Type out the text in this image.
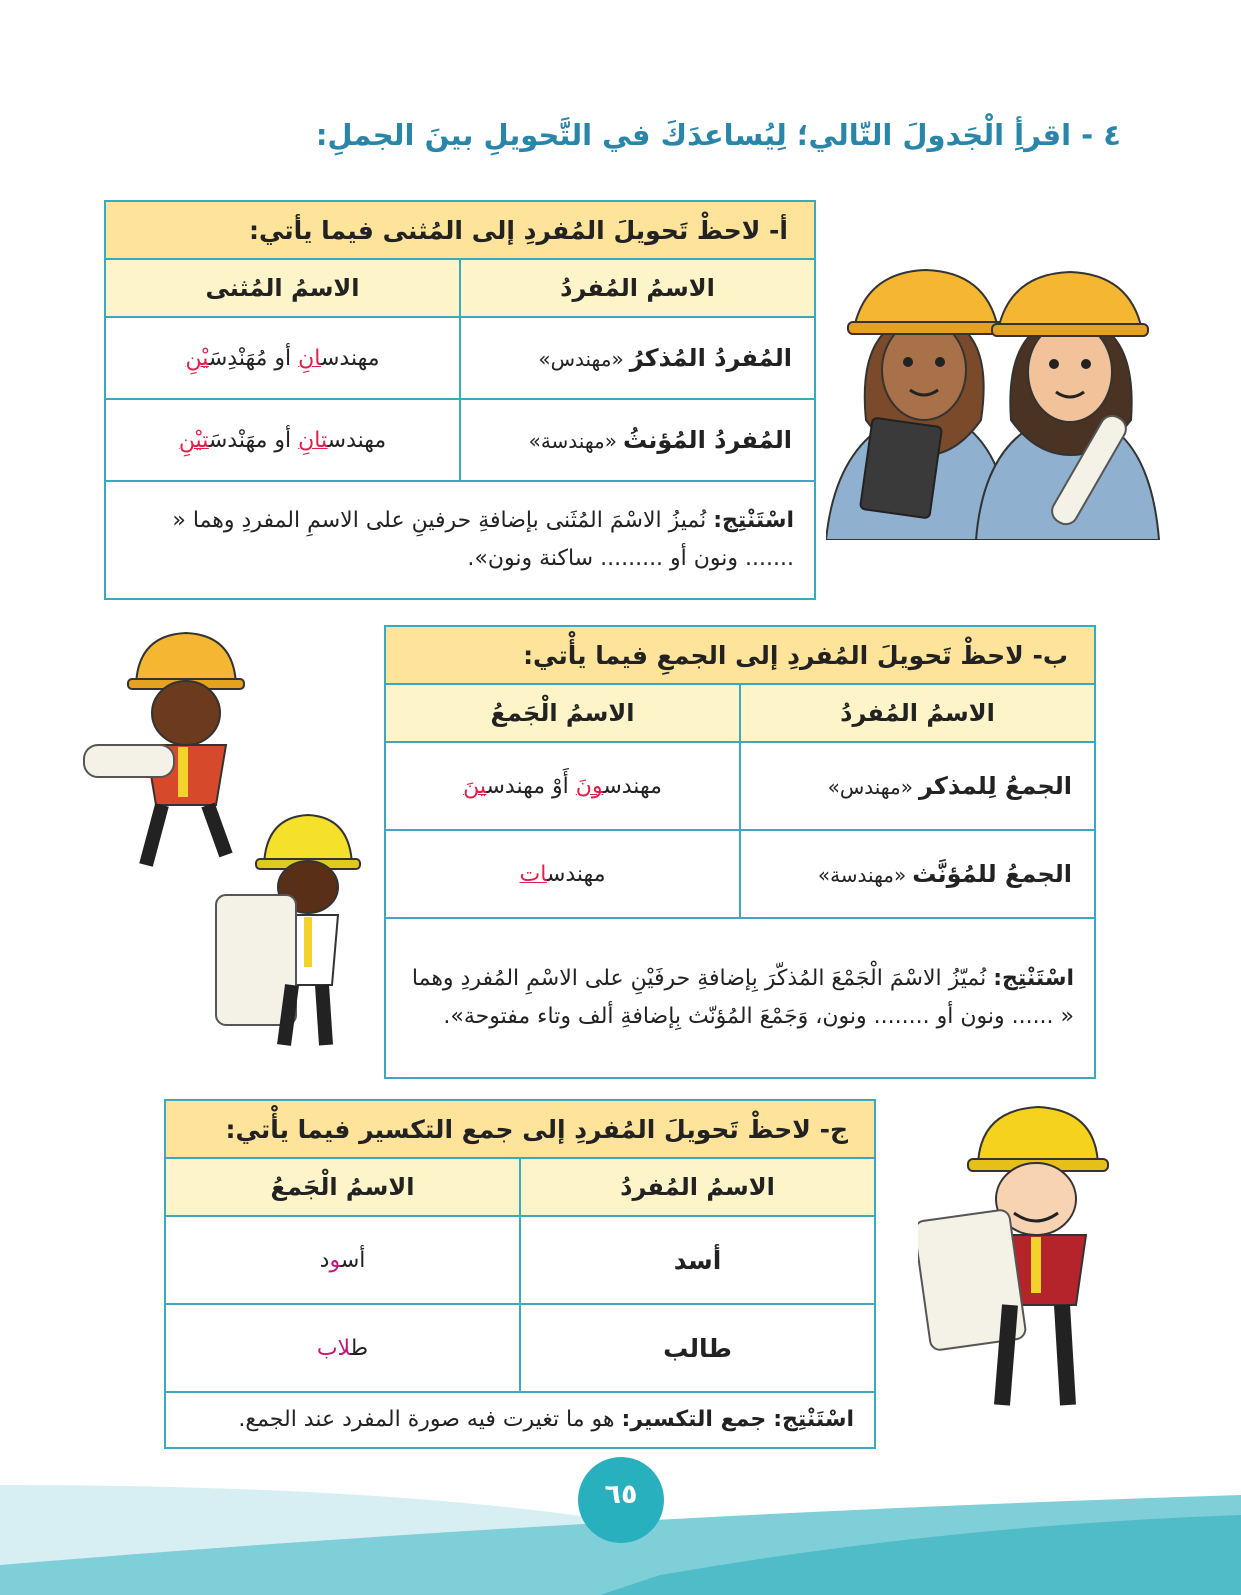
٤ - اقرأِ الْجَدولَ التّالي؛ لِيُساعدَكَ في التَّحويلِ بينَ الجملِ:
أ- لاحظْ تَحويلَ المُفردِ إلى المُثنى فيما يأتي:	
الاسمُ المُفردُ	الاسمُ المُثنى
المُفردُ المُذكرُ«مهندس»	مهندسانِ أو مُهَنْدِسَيْنِ
المُفردُ المُؤنثُ«مهندسة»	مهندستانِ أو مهَنْدسَتيْنِ
اسْتَنْتِج: نُميزُ الاسْمَ المُثَنى بإضافةِ حرفينِ على الاسمِ المفردِ وهما « ....... ونون أو ......... ساكنة ونون».	
ب- لاحظْ تَحويلَ المُفردِ إلى الجمعِ فيما يأْتي:	
الاسمُ المُفردُ	الاسمُ الْجَمعُ
الجمعُ لِلمذكر«مهندس»	مهندسونَ أَوْ مهندسينَ
الجمعُ للمُؤنَّث«مهندسة»	مهندسات
اسْتَنْتِج: نُميّزُ الاسْمَ الْجَمْعَ المُذكّرَ بِإضافةِ حرفَيْنِ على الاسْمِ المُفردِ وهما « ...... ونون أو ........ ونون، وَجَمْعَ المُؤنّث بِإضافةِ ألف وتاء مفتوحة».	
ج- لاحظْ تَحويلَ المُفردِ إلى جمع التكسير فيما يأْتي:	
الاسمُ المُفردُ	الاسمُ الْجَمعُ
أسد	أسود
طالب	طلاب
اسْتَنْتِج: جمع التكسير: هو ما تغيرت فيه صورة المفرد عند الجمع.	
٦٥
